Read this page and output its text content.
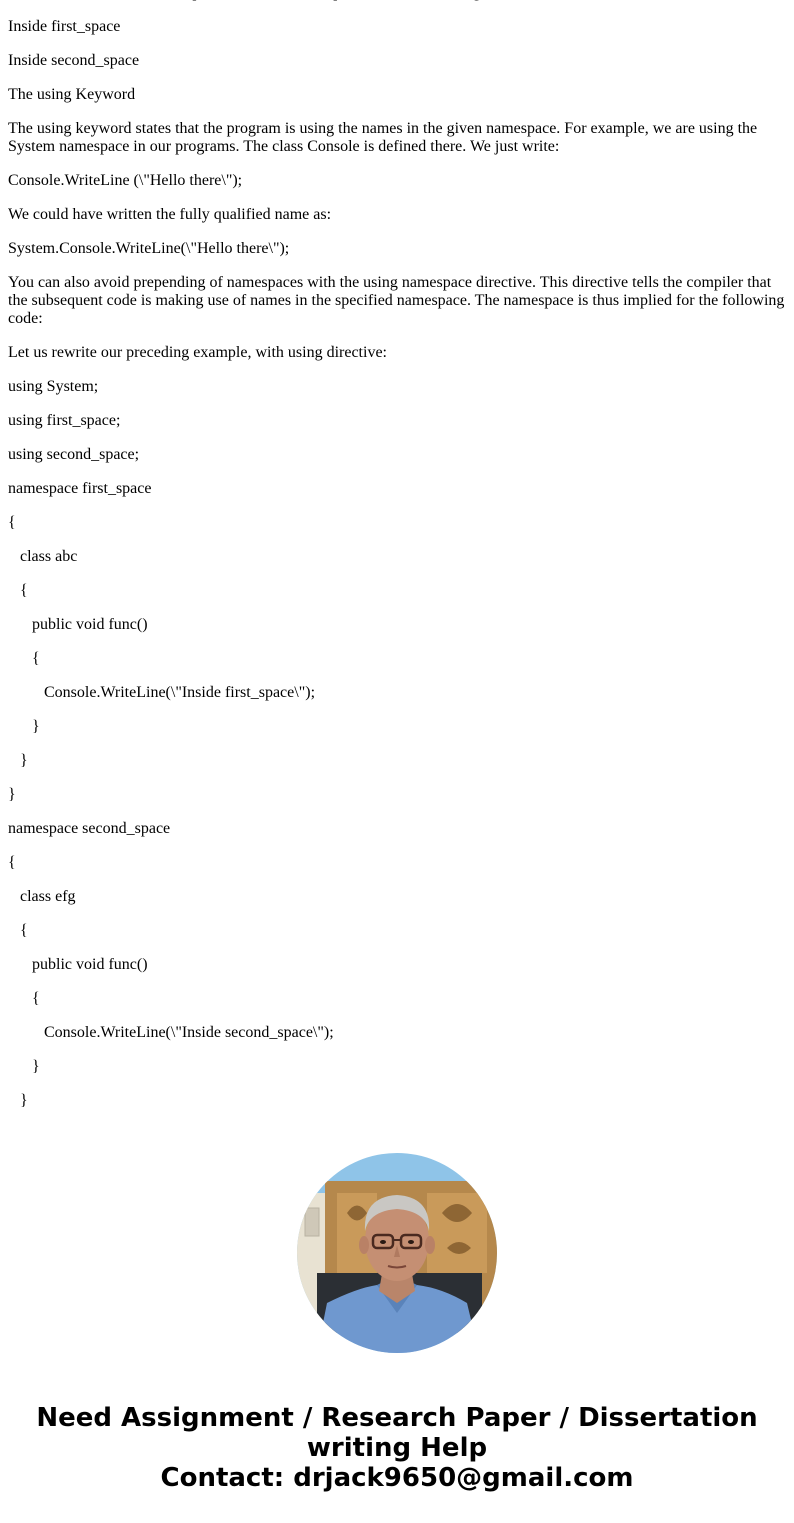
Inside first_space

Inside second_space

The using Keyword

The using keyword states that the program is using the names in the given namespace. For example, we are using the System namespace in our programs. The class Console is defined there. We just write:

Console.WriteLine (\"Hello there\");

We could have written the fully qualified name as:

System.Console.WriteLine(\"Hello there\");

You can also avoid prepending of namespaces with the using namespace directive. This directive tells the compiler that the subsequent code is making use of names in the specified namespace. The namespace is thus implied for the following code:

Let us rewrite our preceding example, with using directive:

using System;

using first_space;

using second_space;

namespace first_space

{

class abc

{

public void func()

{

Console.WriteLine(\"Inside first_space\");

}

}

}

namespace second_space

{

class efg

{

public void func()

{

Console.WriteLine(\"Inside second_space\");

}

}

Need Assignment / Research Paper / Dissertation
writing Help
Contact: drjack9650@gmail.com
